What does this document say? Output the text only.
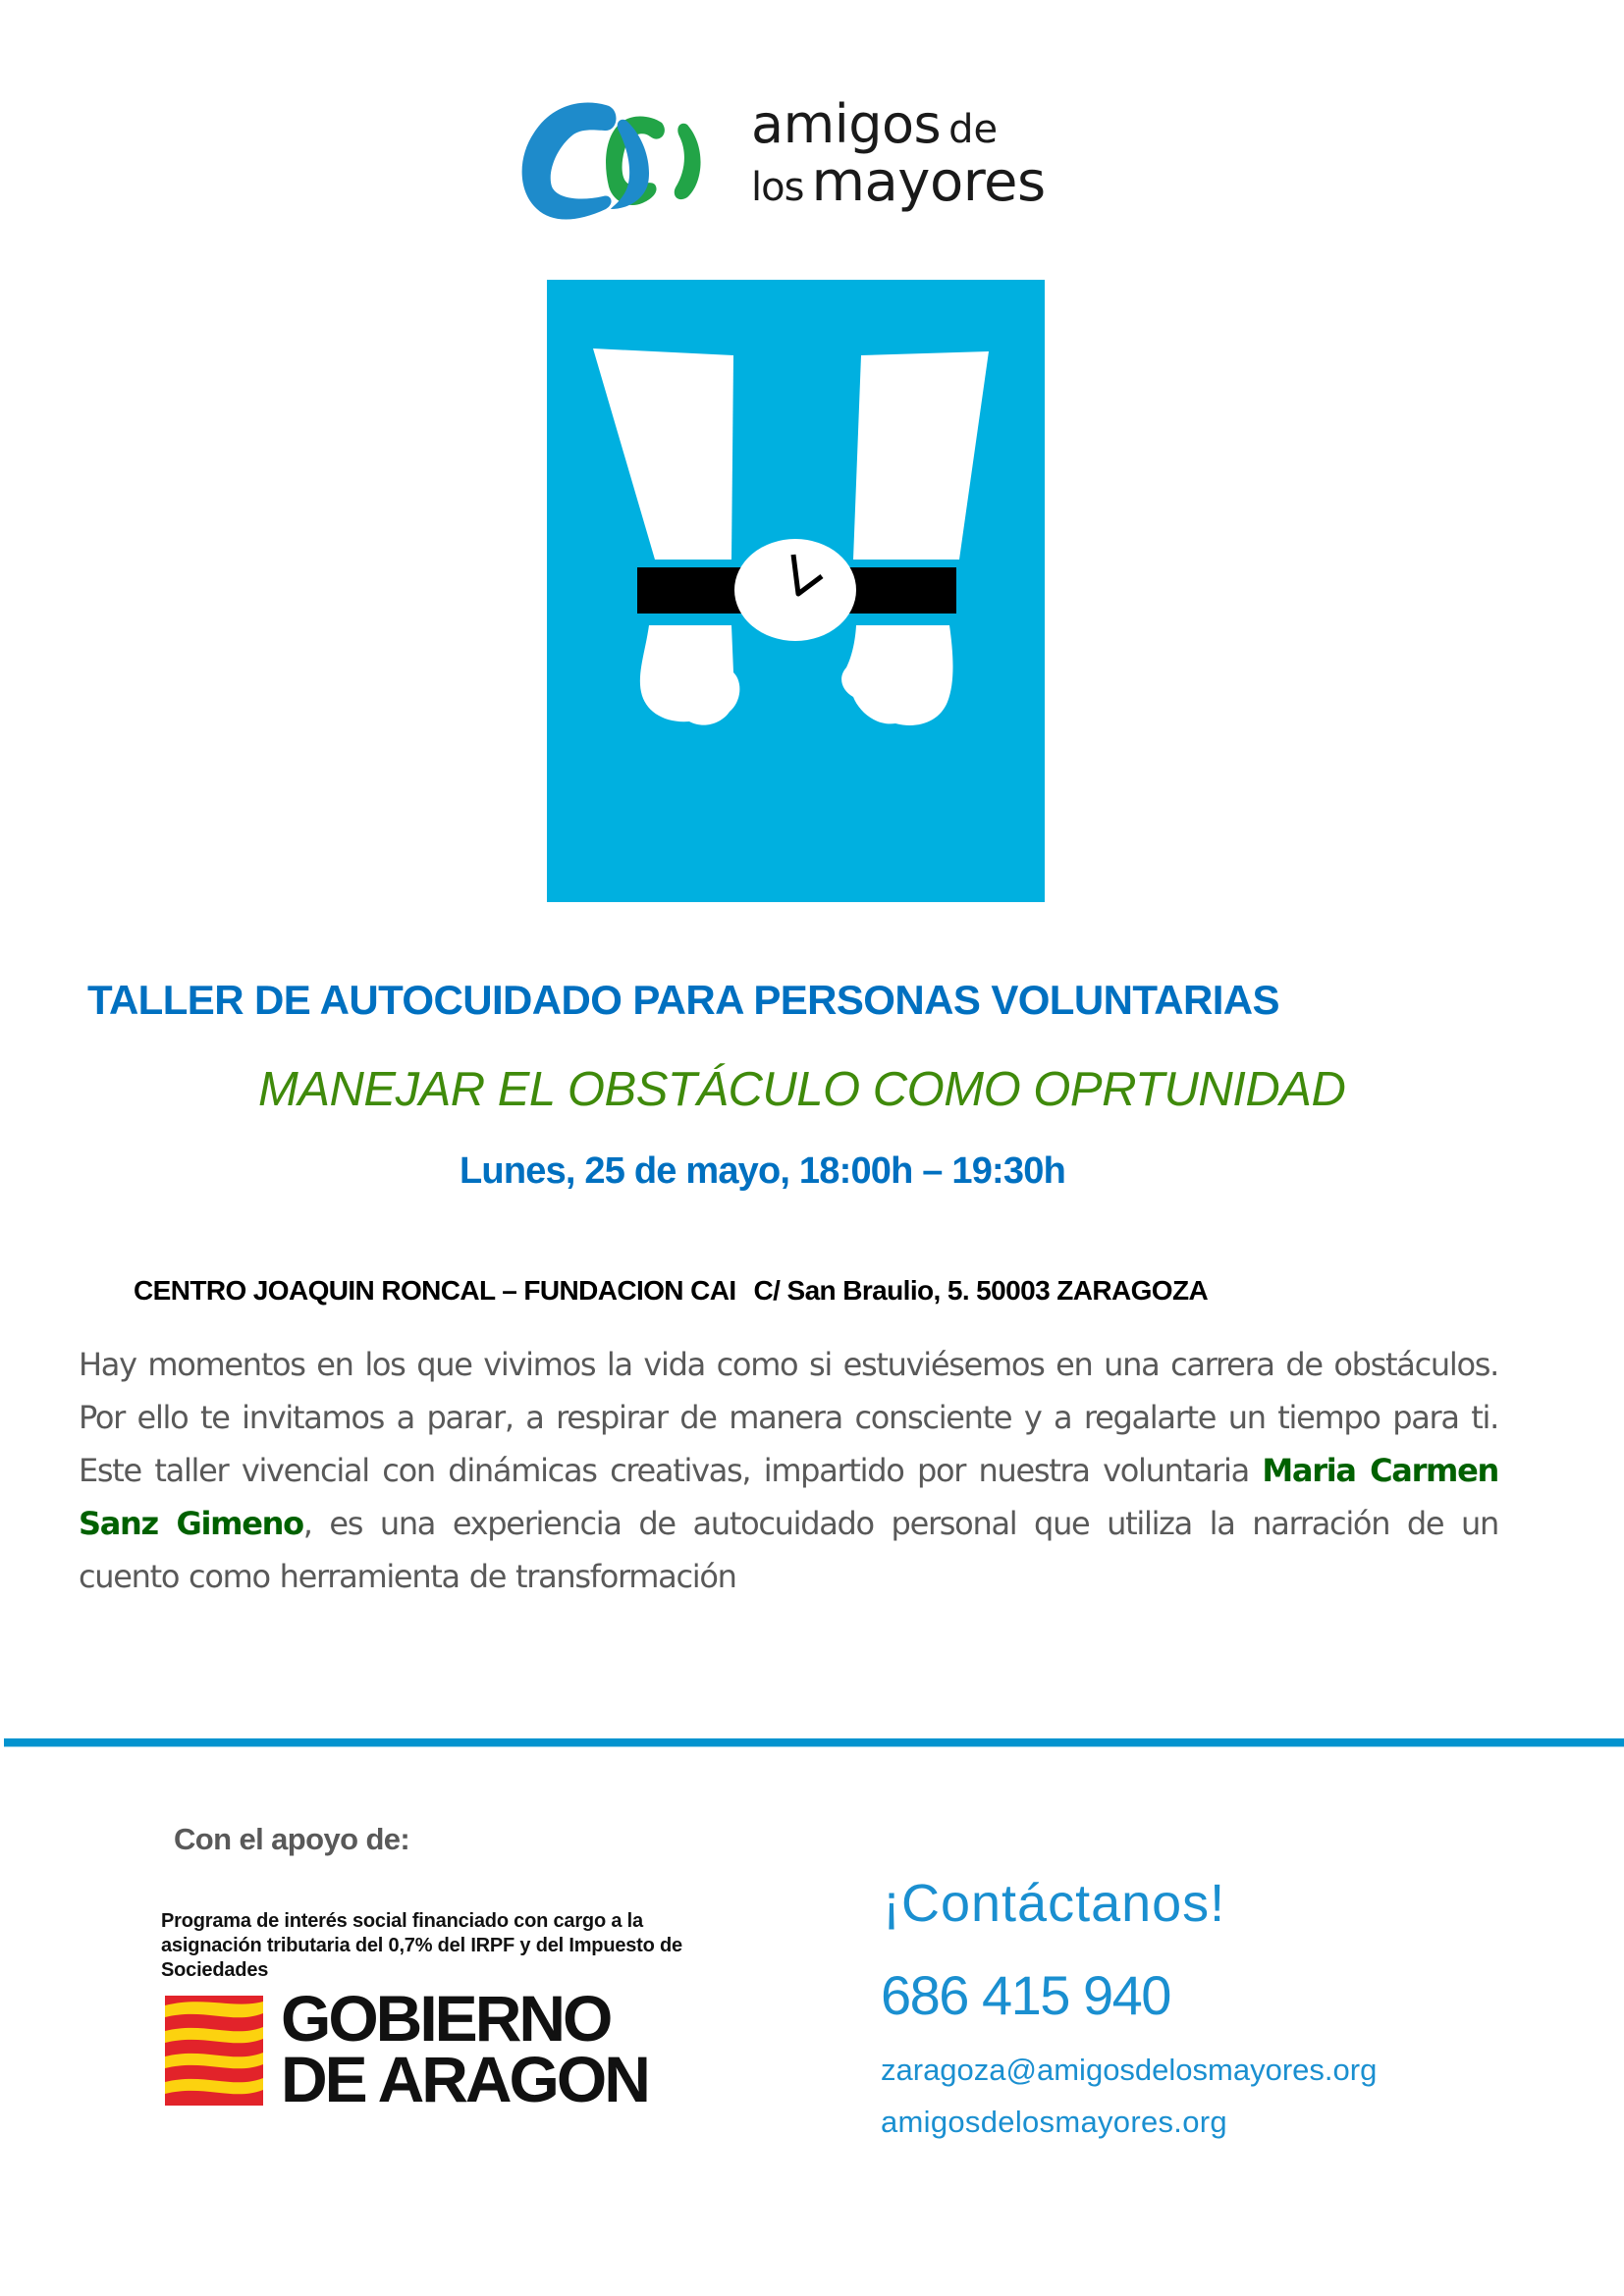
amigos de
los mayores
TALLER DE AUTOCUIDADO PARA PERSONAS VOLUNTARIAS
MANEJAR EL OBSTÁCULO COMO OPRTUNIDAD
Lunes, 25 de mayo, 18:00h – 19:30h
CENTRO JOAQUIN RONCAL – FUNDACION CAI C/ San Braulio, 5. 50003 ZARAGOZA
Hay momentos en los que vivimos la vida como si estuviésemos en una carrera de obstáculos. Por ello te invitamos a parar, a respirar de manera consciente y a regalarte un tiempo para ti. Este taller vivencial con dinámicas creativas, impartido por nuestra voluntaria Maria Carmen Sanz Gimeno, es una experiencia de autocuidado personal que utiliza la narración de un cuento como herramienta de transformación
Con el apoyo de:
Programa de interés social financiado con cargo a la asignación tributaria del 0,7% del IRPF y del Impuesto de Sociedades
GOBIERNO
DE ARAGON
¡Contáctanos!
686 415 940
zaragoza@amigosdelosmayores.org
amigosdelosmayores.org
